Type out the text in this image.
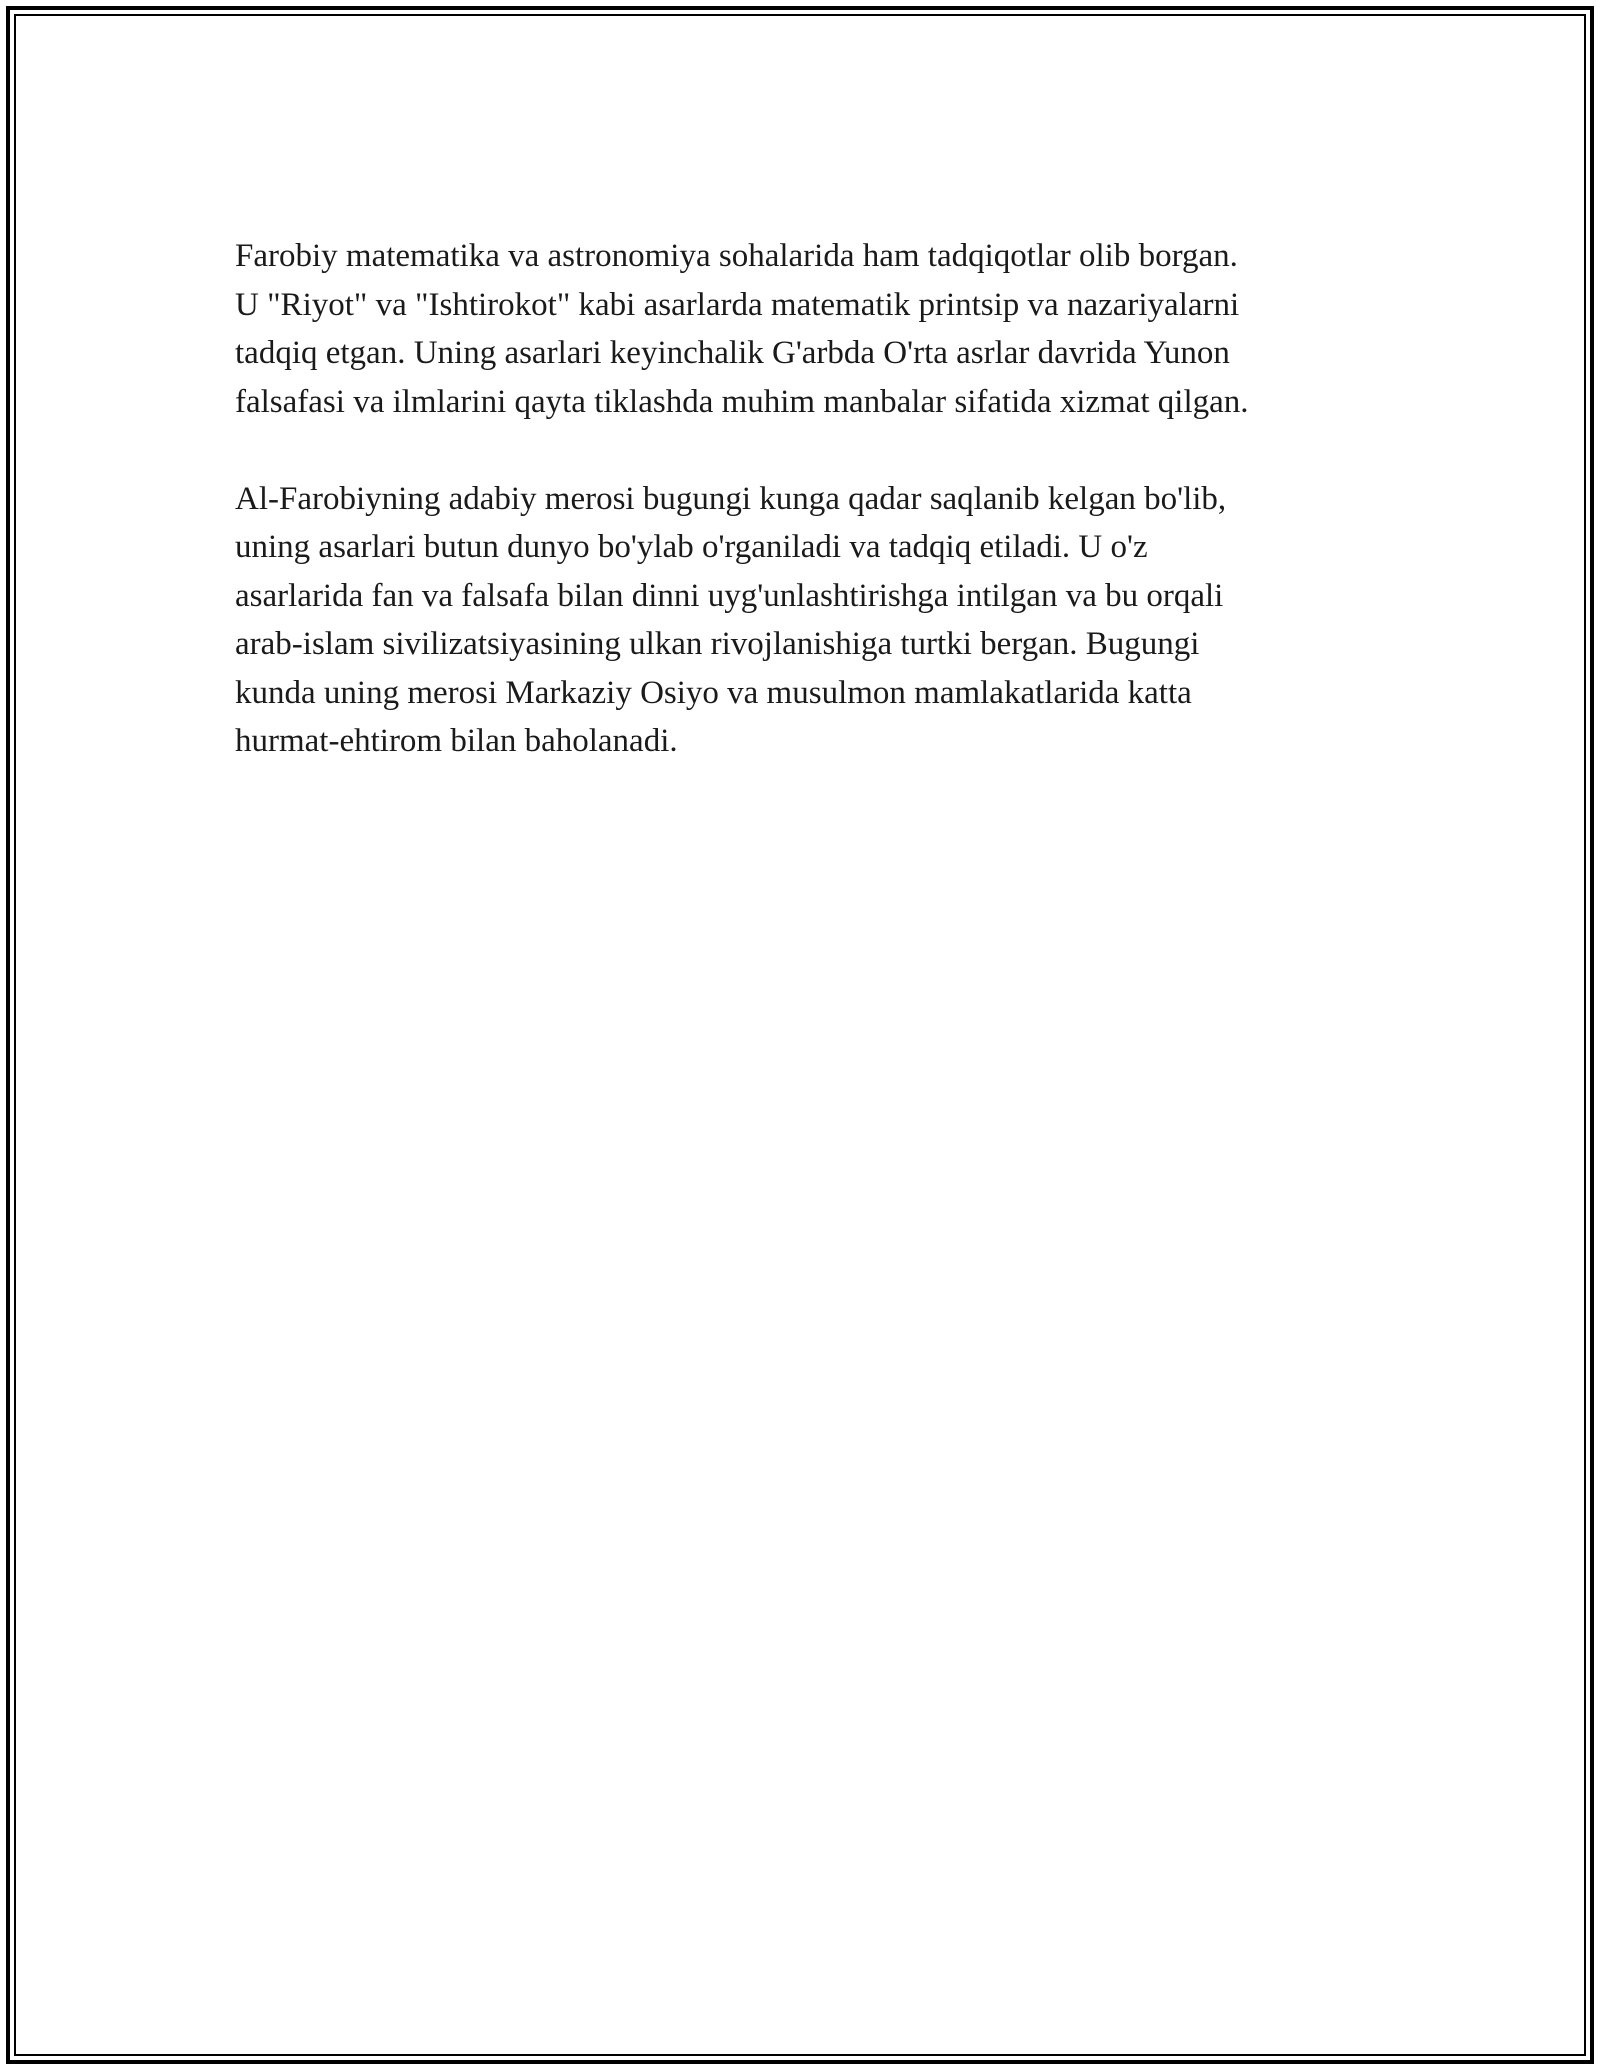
Farobiy matematika va astronomiya sohalarida ham tadqiqotlar olib borgan.
U "Riyot" va "Ishtirokot" kabi asarlarda matematik printsip va nazariyalarni
tadqiq etgan. Uning asarlari keyinchalik G'arbda O'rta asrlar davrida Yunon
falsafasi va ilmlarini qayta tiklashda muhim manbalar sifatida xizmat qilgan.

Al-Farobiyning adabiy merosi bugungi kunga qadar saqlanib kelgan bo'lib,
uning asarlari butun dunyo bo'ylab o'rganiladi va tadqiq etiladi. U o'z
asarlarida fan va falsafa bilan dinni uyg'unlashtirishga intilgan va bu orqali
arab-islam sivilizatsiyasining ulkan rivojlanishiga turtki bergan. Bugungi
kunda uning merosi Markaziy Osiyo va musulmon mamlakatlarida katta
hurmat-ehtirom bilan baholanadi.
